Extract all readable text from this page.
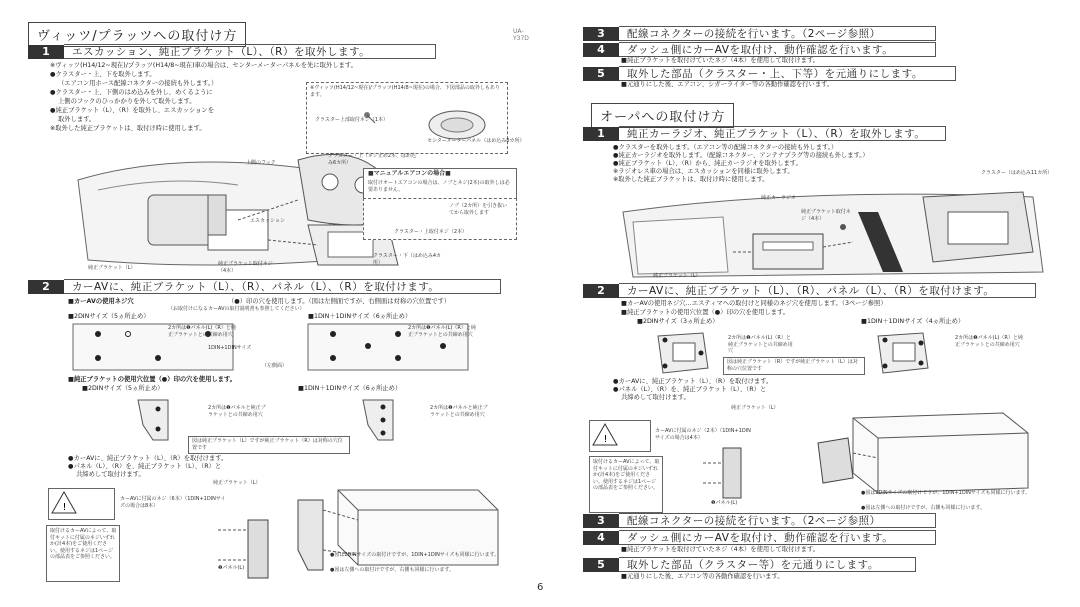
ヴィッツ/プラッツへの取付け方
1	エスカッション、純正ブラケット（L）、（R）を取外します。
※ヴィッツ(H14/12~現在)/プラッツ(H14/8~現在)車の場合は、センターメーターパネルを先に取外します。
●クラスター・上、下を取外します。
（エアコン用ホース配線コネクターの接続も外します。）
●クラスター・上、下側のはめ込みを外し、めくるように
上側のフックのひっかかりを外して取外します。
●純正ブラケット（L）、（R）を取外し、エスカッションを
取外します。
※取外した純正ブラケットは、取付け時に使用します。
※ヴィッツ(H14/12~現在)/プラッツ(H14/8~現在)の場合、下図部品の取外しもあります。
クラスター上部取付ネジ（1本）
センターメーターパネル（はめ込み8カ所）
上側のフック
クラスター・上（ネジ止め2本、はめ込み6カ所）
■マニュアルエアコンの場合■
取付けオートエアコンの場合は、ノブとネジ(2本)の取外しは必要ありません。
ノブ（2カ所）を引き抜いてから取外します
クラスター・上取付ネジ（2本）
エスカッション
クラスター・下（はめ込み4カ所）
純正ブラケット（L）
純正ブラケット取付ネジ（4本）
2	カーAVに、純正ブラケット（L）、（R）、パネル（L）、（R）を取付けます。
■カーAVの使用ネジ穴	（●）印の穴を使用します。（図は左側面ですが、右側面は対称の穴位置です）
（お取付けになるカーAVの取付説明書も参照してください）
■2DINサイズ（5ヵ所止め）	■1DIN＋1DINサイズ（6ヵ所止め）
2カ所は❶パネル(L)（R）と純正ブラケットとの共締め用穴
2カ所は❶パネル(L)（R）と純正ブラケットとの共締め用穴
1DIN+1DINサイズ
（左側面）
■純正ブラケットの使用穴位置（●）印の穴を使用します。
■2DINサイズ（5ヵ所止め）	■1DIN＋1DINサイズ（6ヵ所止め）
2カ所は❶パネルと純正ブラケットとの共締め用穴
2カ所は❶パネルと純正ブラケットとの共締め用穴
図は純正ブラケット（L）ですが純正ブラケット（R）は対称の穴位置です
●カーAVに、純正ブラケット（L）、（R）を取付けます。
●パネル（L）、（R）を、純正ブラケット（L）、（R）と
共締めして取付けます。
純正ブラケット（L）
!
カーAVに付属のネジ（6本）（1DIN+1DINサイズの場合は8本）
取付けるカーAVによって、取付キットに付属のネジいずれか(計4本)をご使用ください。使用するネジは1ページの部品表をご参照ください。
❶パネル(L)
●図は2DINサイズの取付けですが、1DIN+1DINサイズも同様に行います。
●図は左側への取付けですが、右側も同様に行います。
UA-Y37D
6
3	配線コネクターの接続を行います。（2ページ参照）
4	ダッシュ側にカーAVを取付け、動作確認を行います。
■純正ブラケットを取付けていたネジ（4本）を使用して取付けます。
5	取外した部品（クラスター・上、下等）を元通りにします。
■元通りにした後、エアコン、シガーライター等の各動作確認を行います。
オーパへの取付け方
1	純正カーラジオ、純正ブラケット（L）、（R）を取外します。
●クラスターを取外します。（エアコン等の配線コネクターの接続も外します。）
●純正カーラジオを取外します。（配線コネクター、アンテナプラグ等の接続も外します。）
●純正ブラケット（L）、（R）から、純正カーラジオを取外します。
※ラジオレス車の場合は、エスカッションを同様に取外します。
※取外した純正ブラケットは、取付け時に使用します。
クラスター（はめ込み11カ所）
純正カーラジオ
純正ブラケット取付ネジ（4本）
純正ブラケット（L）
2	カーAVに、純正ブラケット（L）、（R）、パネル（L）、（R）を取付けます。
■カーAVの使用ネジ穴…エスティマへの取付けと同様のネジ穴を使用します。（3ページ参照）
■純正ブラケットの使用穴位置（●）印の穴を使用します。
■2DINサイズ（3ヵ所止め）	■1DIN＋1DINサイズ（4ヵ所止め）
2カ所は❶パネル(L)（R）と純正ブラケットとの共締め用穴
2カ所は❶パネル(L)（R）と純正ブラケットとの共締め用穴
図は純正ブラケット（R）ですが純正ブラケット（L）は対称の穴位置です
●カーAVに、純正ブラケット（L）、（R）を取付けます。
●パネル（L）、（R）を、純正ブラケット（L）、（R）と
共締めして取付けます。
純正ブラケット（L）
!
カーAVに付属のネジ（2本）（1DIN+1DINサイズの場合は4本）
取付けるカーAVによって、取付キットに付属のネジいずれか(計4本)をご使用ください。使用するネジは1ページの部品表をご参照ください。
❶パネル(L)
●図は2DINサイズの取付けですが、1DIN+1DINサイズも同様に行います。
●図は左側への取付けですが、右側も同様に行います。
3	配線コネクターの接続を行います。（2ページ参照）
4	ダッシュ側にカーAVを取付け、動作確認を行います。
■純正ブラケットを取付けていたネジ（4本）を使用して取付けます。
5	取外した部品（クラスター等）を元通りにします。
■元通りにした後、エアコン等の各動作確認を行います。
